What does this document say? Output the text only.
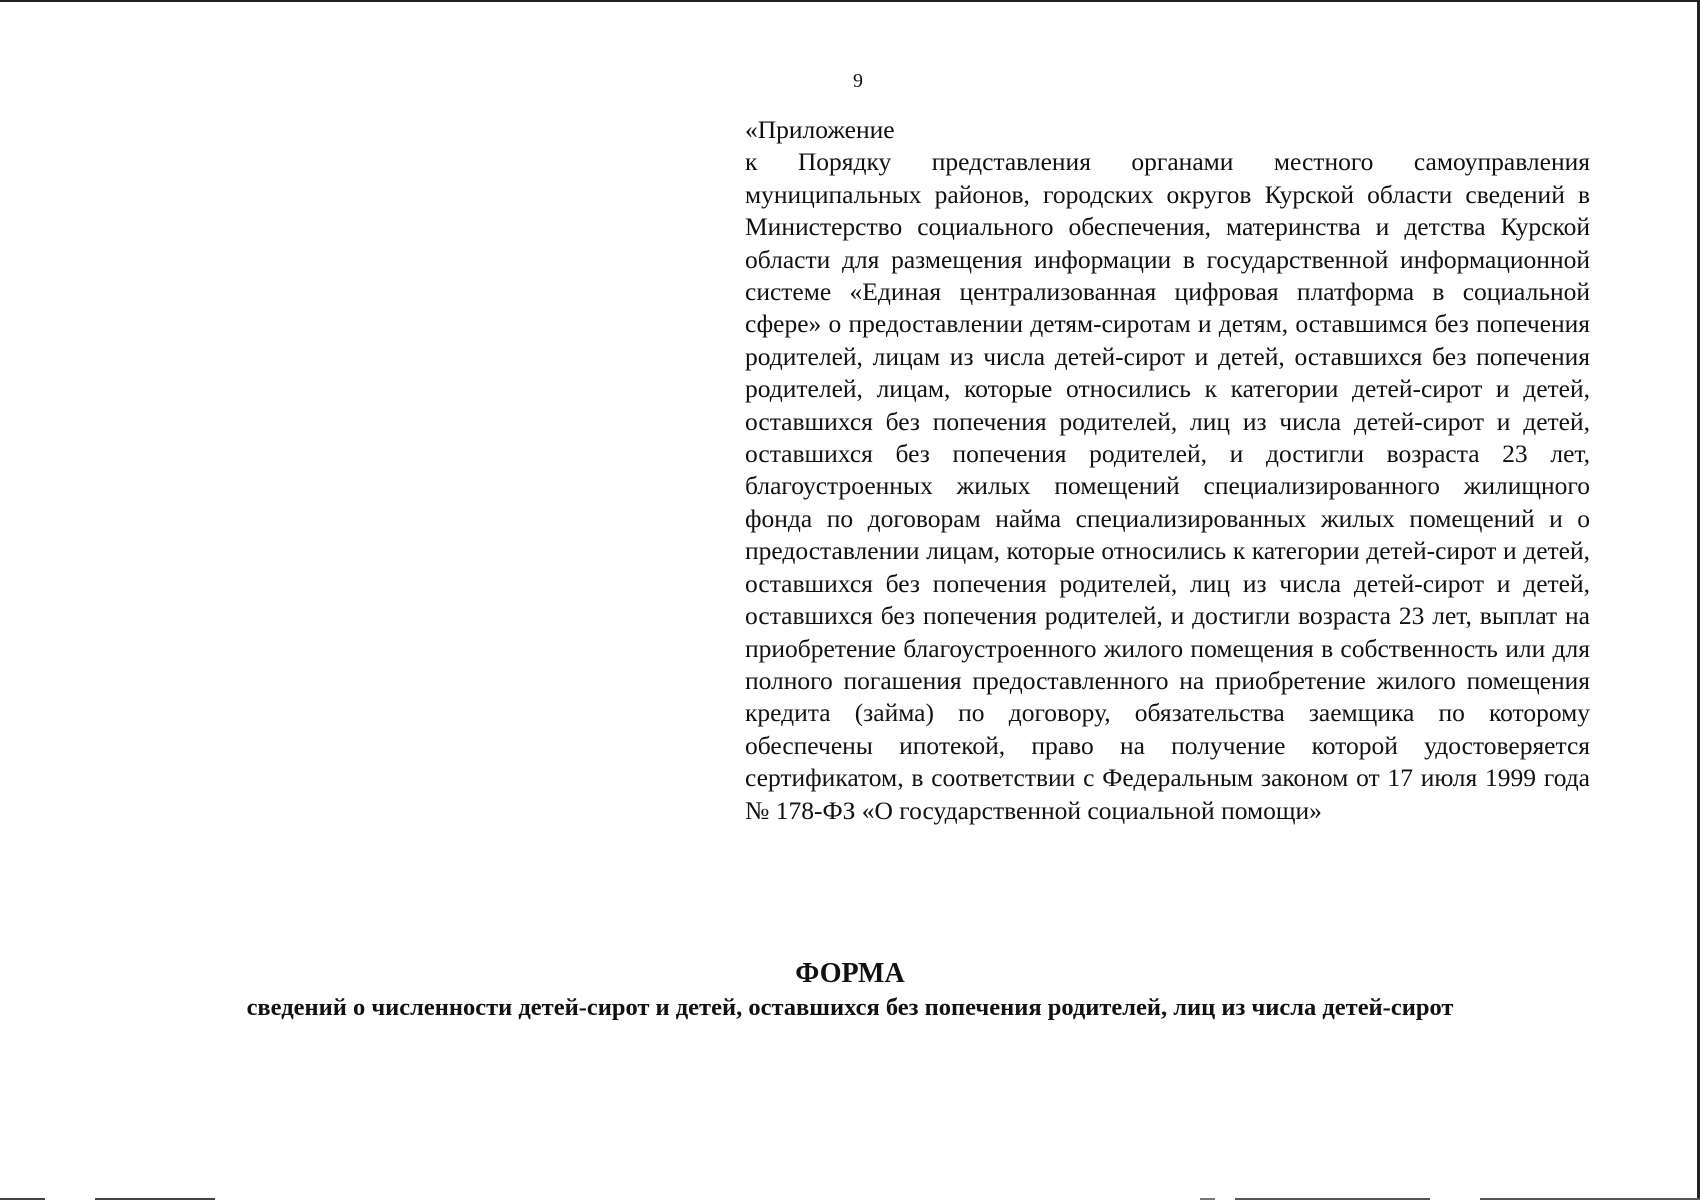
9
«Приложение
к Порядку представления органами местного самоуправления муниципальных районов, городских округов Курской области сведений в Министерство социального обеспечения, материнства и детства Курской области для размещения информации в государственной информационной системе «Единая централизованная цифровая платформа в социальной сфере» о предоставлении детям-сиротам и детям, оставшимся без попечения родителей, лицам из числа детей-сирот и детей, оставшихся без попечения родителей, лицам, которые относились к категории детей-сирот и детей, оставшихся без попечения родителей, лиц из числа детей-сирот и детей, оставшихся без попечения родителей, и достигли возраста 23 лет, благоустроенных жилых помещений специализированного жилищного фонда по договорам найма специализированных жилых помещений и о предоставлении лицам, которые относились к категории детей-сирот и детей, оставшихся без попечения родителей, лиц из числа детей-сирот и детей, оставшихся без попечения родителей, и достигли возраста 23 лет, выплат на приобретение благоустроенного жилого помещения в собственность или для полного погашения предоставленного на приобретение жилого помещения кредита (займа) по договору, обязательства заемщика по которому обеспечены ипотекой, право на получение которой удостоверяется сертификатом, в соответствии с Федеральным законом от 17 июля 1999 года № 178-ФЗ «О государственной социальной помощи»
ФОРМА
сведений о численности детей-сирот и детей, оставшихся без попечения родителей, лиц из числа детей-сирот
